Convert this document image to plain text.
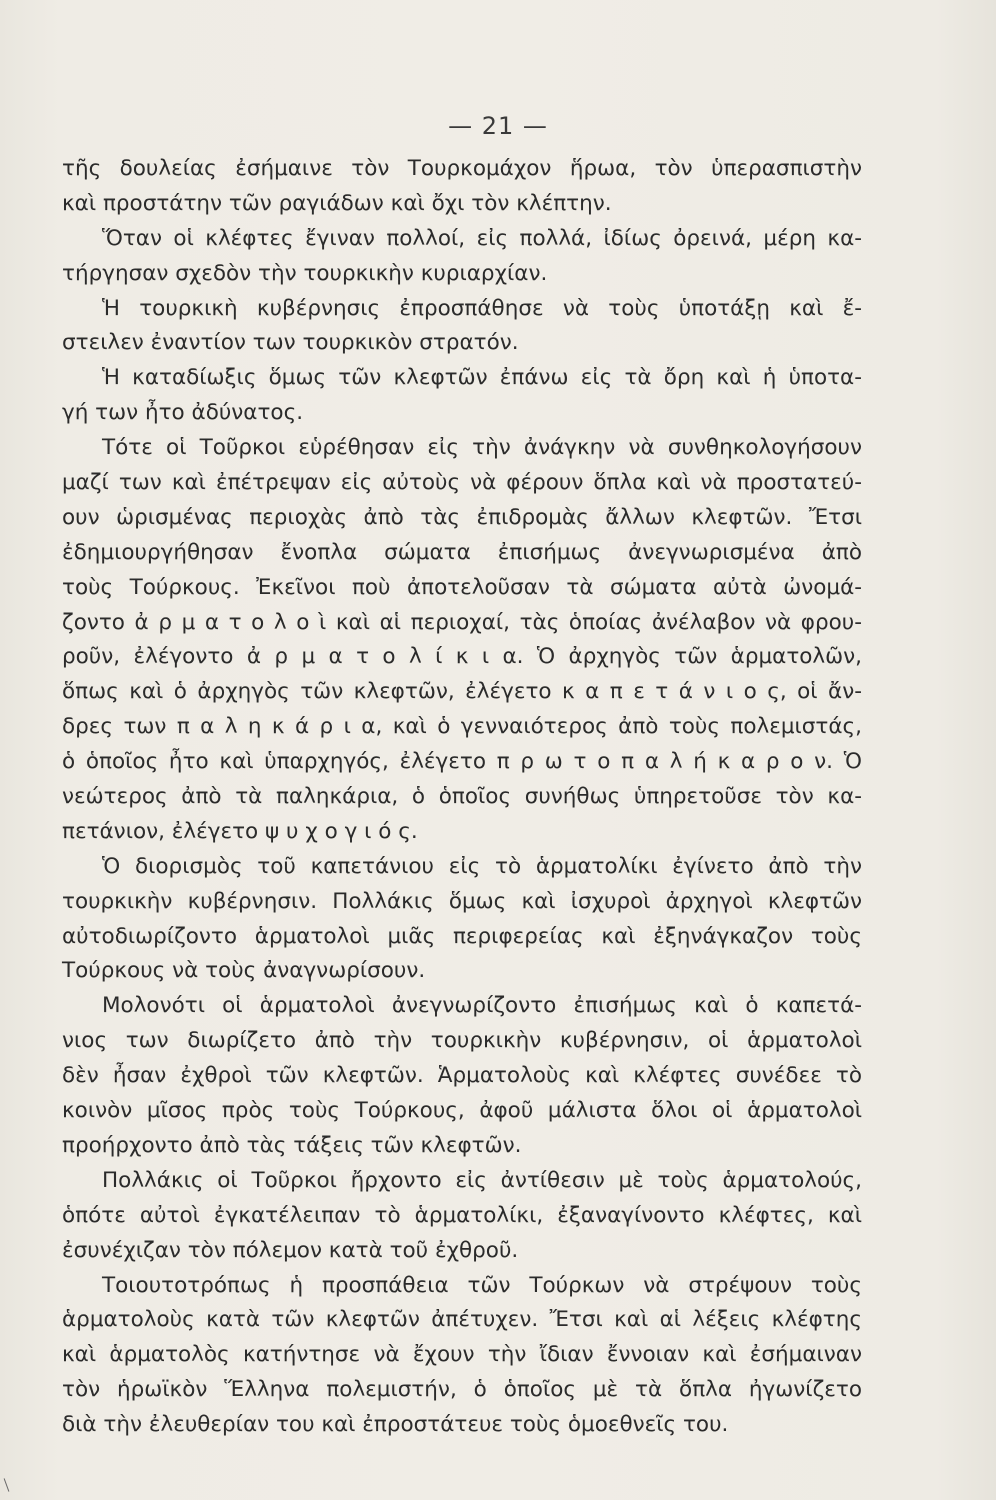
— 21 —
τῆς δουλείας ἐσήμαινε τὸν Τουρκομάχον ἥρωα, τὸν ὑπερασπιστὴν
καὶ προστάτην τῶν ραγιάδων καὶ ὄχι τὸν κλέπτην.
Ὅταν οἱ κλέφτες ἔγιναν πολλοί, εἰς πολλά, ἰδίως ὀρεινά, μέρη κα-
τήργησαν σχεδὸν τὴν τουρκικὴν κυριαρχίαν.
Ἡ τουρκικὴ κυβέρνησις ἐπροσπάθησε νὰ τοὺς ὑποτάξῃ καὶ ἔ-
στειλεν ἐναντίον των τουρκικὸν στρατόν.
Ἡ καταδίωξις ὅμως τῶν κλεφτῶν ἐπάνω εἰς τὰ ὄρη καὶ ἡ ὑποτα-
γή των ἦτο ἀδύνατος.
Τότε οἱ Τοῦρκοι εὑρέθησαν εἰς τὴν ἀνάγκην νὰ συνθηκολογήσουν
μαζί των καὶ ἐπέτρεψαν εἰς αὐτοὺς νὰ φέρουν ὅπλα καὶ νὰ προστατεύ-
ουν ὡρισμένας περιοχὰς ἀπὸ τὰς ἐπιδρομὰς ἄλλων κλεφτῶν. Ἔτσι
ἐδημιουργήθησαν ἔνοπλα σώματα ἐπισήμως ἀνεγνωρισμένα ἀπὸ
τοὺς Τούρκους. Ἐκεῖνοι ποὺ ἀποτελοῦσαν τὰ σώματα αὐτὰ ὠνομά-
ζοντο ἀ ρ μ α τ ο λ ο ὶ καὶ αἱ περιοχαί, τὰς ὁποίας ἀνέλαβον νὰ φρου-
ροῦν, ἐλέγοντο ἀ ρ μ α τ ο λ ί κ ι α. Ὁ ἀρχηγὸς τῶν ἁρματολῶν,
ὅπως καὶ ὁ ἀρχηγὸς τῶν κλεφτῶν, ἐλέγετο κ α π ε τ ά ν ι ο ς, οἱ ἄν-
δρες των π α λ η κ ά ρ ι α, καὶ ὁ γενναιότερος ἀπὸ τοὺς πολεμιστάς,
ὁ ὁποῖος ἦτο καὶ ὑπαρχηγός, ἐλέγετο π ρ ω τ ο π α λ ή κ α ρ ο ν. Ὁ
νεώτερος ἀπὸ τὰ παληκάρια, ὁ ὁποῖος συνήθως ὑπηρετοῦσε τὸν κα-
πετάνιον, ἐλέγετο ψ υ χ ο γ ι ό ς.
Ὁ διορισμὸς τοῦ καπετάνιου εἰς τὸ ἁρματολίκι ἐγίνετο ἀπὸ τὴν
τουρκικὴν κυβέρνησιν. Πολλάκις ὅμως καὶ ἰσχυροὶ ἀρχηγοὶ κλεφτῶν
αὐτοδιωρίζοντο ἁρματολοὶ μιᾶς περιφερείας καὶ ἐξηνάγκαζον τοὺς
Τούρκους νὰ τοὺς ἀναγνωρίσουν.
Μολονότι οἱ ἁρματολοὶ ἀνεγνωρίζοντο ἐπισήμως καὶ ὁ καπετά-
νιος των διωρίζετο ἀπὸ τὴν τουρκικὴν κυβέρνησιν, οἱ ἁρματολοὶ
δὲν ἦσαν ἐχθροὶ τῶν κλεφτῶν. Ἁρματολοὺς καὶ κλέφτες συνέδεε τὸ
κοινὸν μῖσος πρὸς τοὺς Τούρκους, ἀφοῦ μάλιστα ὅλοι οἱ ἁρματολοὶ
προήρχοντο ἀπὸ τὰς τάξεις τῶν κλεφτῶν.
Πολλάκις οἱ Τοῦρκοι ἤρχοντο εἰς ἀντίθεσιν μὲ τοὺς ἁρματολούς,
ὁπότε αὐτοὶ ἐγκατέλειπαν τὸ ἁρματολίκι, ἐξαναγίνοντο κλέφτες, καὶ
ἐσυνέχιζαν τὸν πόλεμον κατὰ τοῦ ἐχθροῦ.
Τοιουτοτρόπως ἡ προσπάθεια τῶν Τούρκων νὰ στρέψουν τοὺς
ἁρματολοὺς κατὰ τῶν κλεφτῶν ἀπέτυχεν. Ἔτσι καὶ αἱ λέξεις κλέφτης
καὶ ἁρματολὸς κατήντησε νὰ ἔχουν τὴν ἴδιαν ἔννοιαν καὶ ἐσήμαιναν
τὸν ἡρωϊκὸν Ἕλληνα πολεμιστήν, ὁ ὁποῖος μὲ τὰ ὅπλα ἠγωνίζετο
διὰ τὴν ἐλευθερίαν του καὶ ἐπροστάτευε τοὺς ὁμοεθνεῖς του.
